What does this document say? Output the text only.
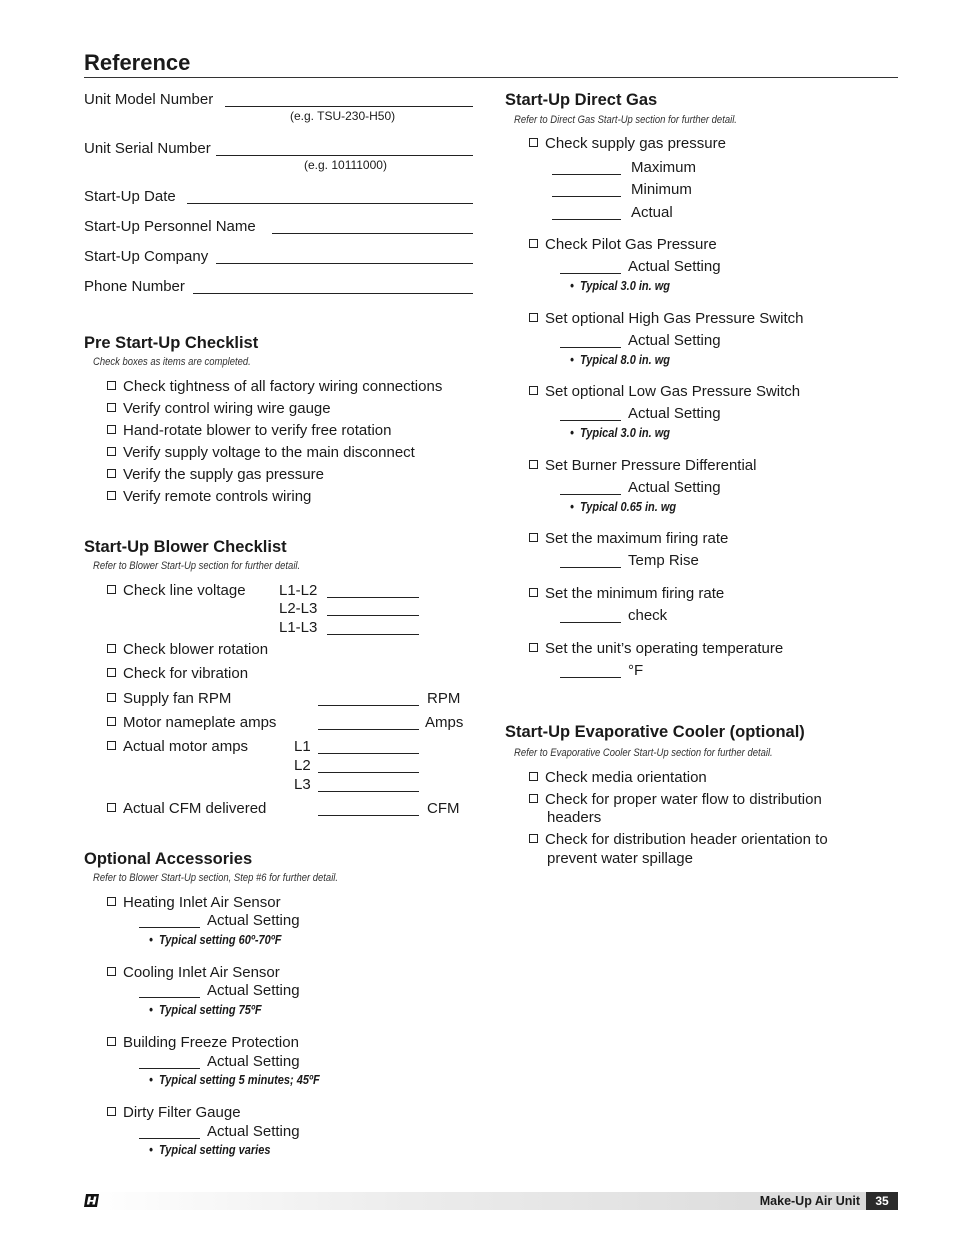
Reference
Unit Model Number
(e.g. TSU-230-H50)
Unit Serial Number
(e.g. 10111000)
Start-Up Date
Start-Up Personnel Name
Start-Up Company
Phone Number
Pre Start-Up Checklist
Check boxes as items are completed.
Check tightness of all factory wiring connections
Verify control wiring wire gauge
Hand-rotate blower to verify free rotation
Verify supply voltage to the main disconnect
Verify the supply gas pressure
Verify remote controls wiring
Start-Up Blower Checklist
Refer to Blower Start-Up section for further detail.
Check line voltage L1-L2
L2-L3
L1-L3
Check blower rotation
Check for vibration
Supply fan RPM	RPM
Motor nameplate amps	Amps
Actual motor amps	L1
L2
L3
Actual CFM delivered	CFM
Optional Accessories
Refer to Blower Start-Up section, Step #6 for further detail.
Heating Inlet Air Sensor
Actual Setting
•  Typical setting 60º-70ºF
Cooling Inlet Air Sensor
Actual Setting
•  Typical setting 75ºF
Building Freeze Protection
Actual Setting
•  Typical setting 5 minutes; 45ºF
Dirty Filter Gauge
Actual Setting
•  Typical setting varies
Start-Up Direct Gas
Refer to Direct Gas Start-Up section for further detail.
Check supply gas pressure
Maximum
Minimum
Actual
Check Pilot Gas Pressure
Actual Setting
•  Typical 3.0 in. wg
Set optional High Gas Pressure Switch
Actual Setting
•  Typical 8.0 in. wg
Set optional Low Gas Pressure Switch
Actual Setting
•  Typical 3.0 in. wg
Set Burner Pressure Differential
Actual Setting
•  Typical 0.65 in. wg
Set the maximum firing rate
Temp Rise
Set the minimum firing rate
check
Set the unit’s operating temperature
°F
Start-Up Evaporative Cooler (optional)
Refer to Evaporative Cooler Start-Up section for further detail.
Check media orientation
Check for proper water flow to distribution
headers
Check for distribution header orientation to
prevent water spillage
Make-Up Air Unit	35
